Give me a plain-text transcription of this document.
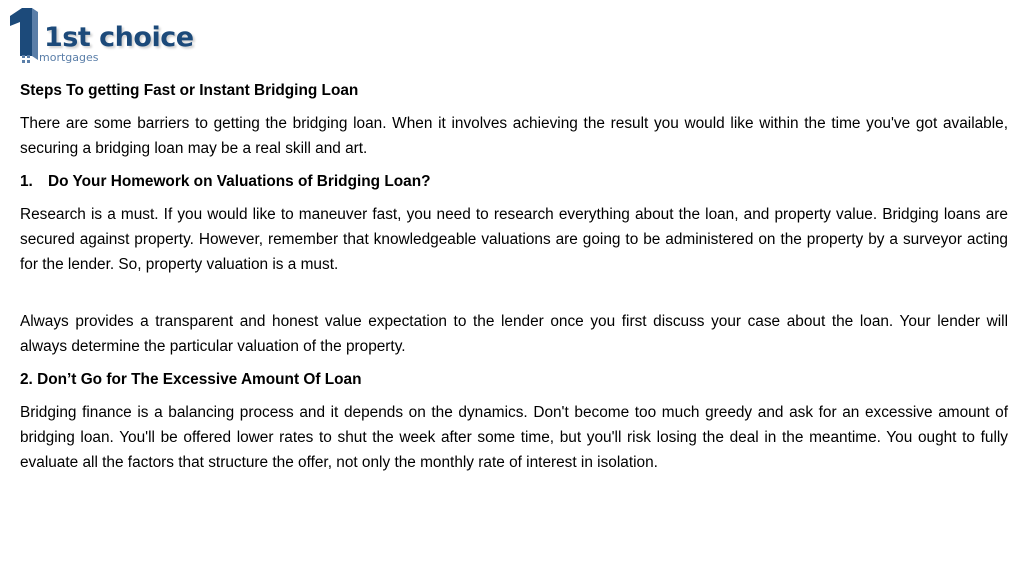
1st choice
mortgages

Steps To getting Fast or Instant Bridging Loan

There are some barriers to getting the bridging loan. When it involves achieving the result you would like within the time you've got available, securing a bridging loan may be a real skill and art.

1. Do Your Homework on Valuations of Bridging Loan?

Research is a must. If you would like to maneuver fast, you need to research everything about the loan, and property value. Bridging loans are secured against property. However, remember that knowledgeable valuations are going to be administered on the property by a surveyor acting for the lender. So, property valuation is a must.

Always provides a transparent and honest value expectation to the lender once you first discuss your case about the loan. Your lender will always determine the particular valuation of the property.

2. Don’t Go for The Excessive Amount Of Loan

Bridging finance is a balancing process and it depends on the dynamics. Don't become too much greedy and ask for an excessive amount of bridging loan. You'll be offered lower rates to shut the week after some time, but you'll risk losing the deal in the meantime. You ought to fully evaluate all the factors that structure the offer, not only the monthly rate of interest in isolation.
